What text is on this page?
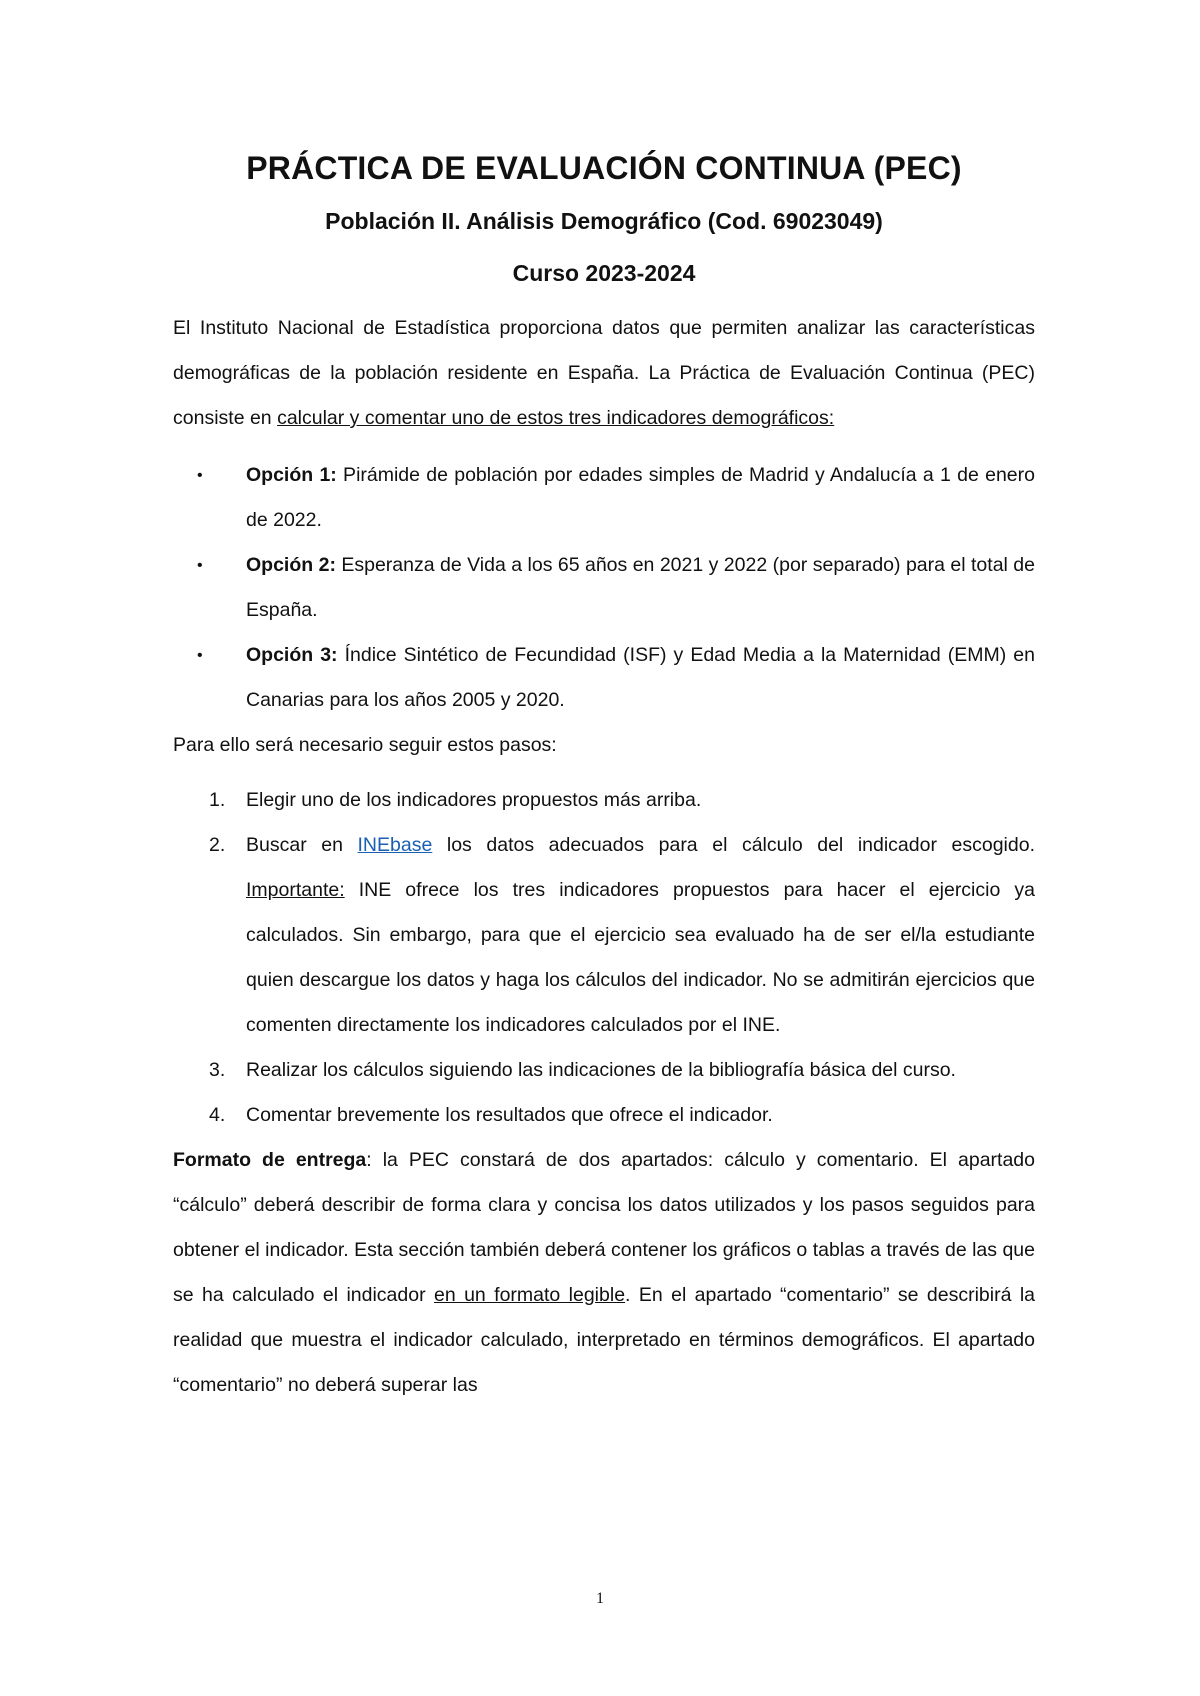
PRÁCTICA DE EVALUACIÓN CONTINUA (PEC)
Población II. Análisis Demográfico (Cod. 69023049)
Curso 2023-2024

El Instituto Nacional de Estadística proporciona datos que permiten analizar las características demográficas de la población residente en España. La Práctica de Evaluación Continua (PEC) consiste en calcular y comentar uno de estos tres indicadores demográficos:

• Opción 1: Pirámide de población por edades simples de Madrid y Andalucía a 1 de enero de 2022.
• Opción 2: Esperanza de Vida a los 65 años en 2021 y 2022 (por separado) para el total de España.
• Opción 3: Índice Sintético de Fecundidad (ISF) y Edad Media a la Maternidad (EMM) en Canarias para los años 2005 y 2020.

Para ello será necesario seguir estos pasos:

1. Elegir uno de los indicadores propuestos más arriba.
2. Buscar en INEbase los datos adecuados para el cálculo del indicador escogido. Importante: INE ofrece los tres indicadores propuestos para hacer el ejercicio ya calculados. Sin embargo, para que el ejercicio sea evaluado ha de ser el/la estudiante quien descargue los datos y haga los cálculos del indicador. No se admitirán ejercicios que comenten directamente los indicadores calculados por el INE.
3. Realizar los cálculos siguiendo las indicaciones de la bibliografía básica del curso.
4. Comentar brevemente los resultados que ofrece el indicador.

Formato de entrega: la PEC constará de dos apartados: cálculo y comentario. El apartado “cálculo” deberá describir de forma clara y concisa los datos utilizados y los pasos seguidos para obtener el indicador. Esta sección también deberá contener los gráficos o tablas a través de las que se ha calculado el indicador en un formato legible. En el apartado “comentario” se describirá la realidad que muestra el indicador calculado, interpretado en términos demográficos. El apartado “comentario” no deberá superar las

1
